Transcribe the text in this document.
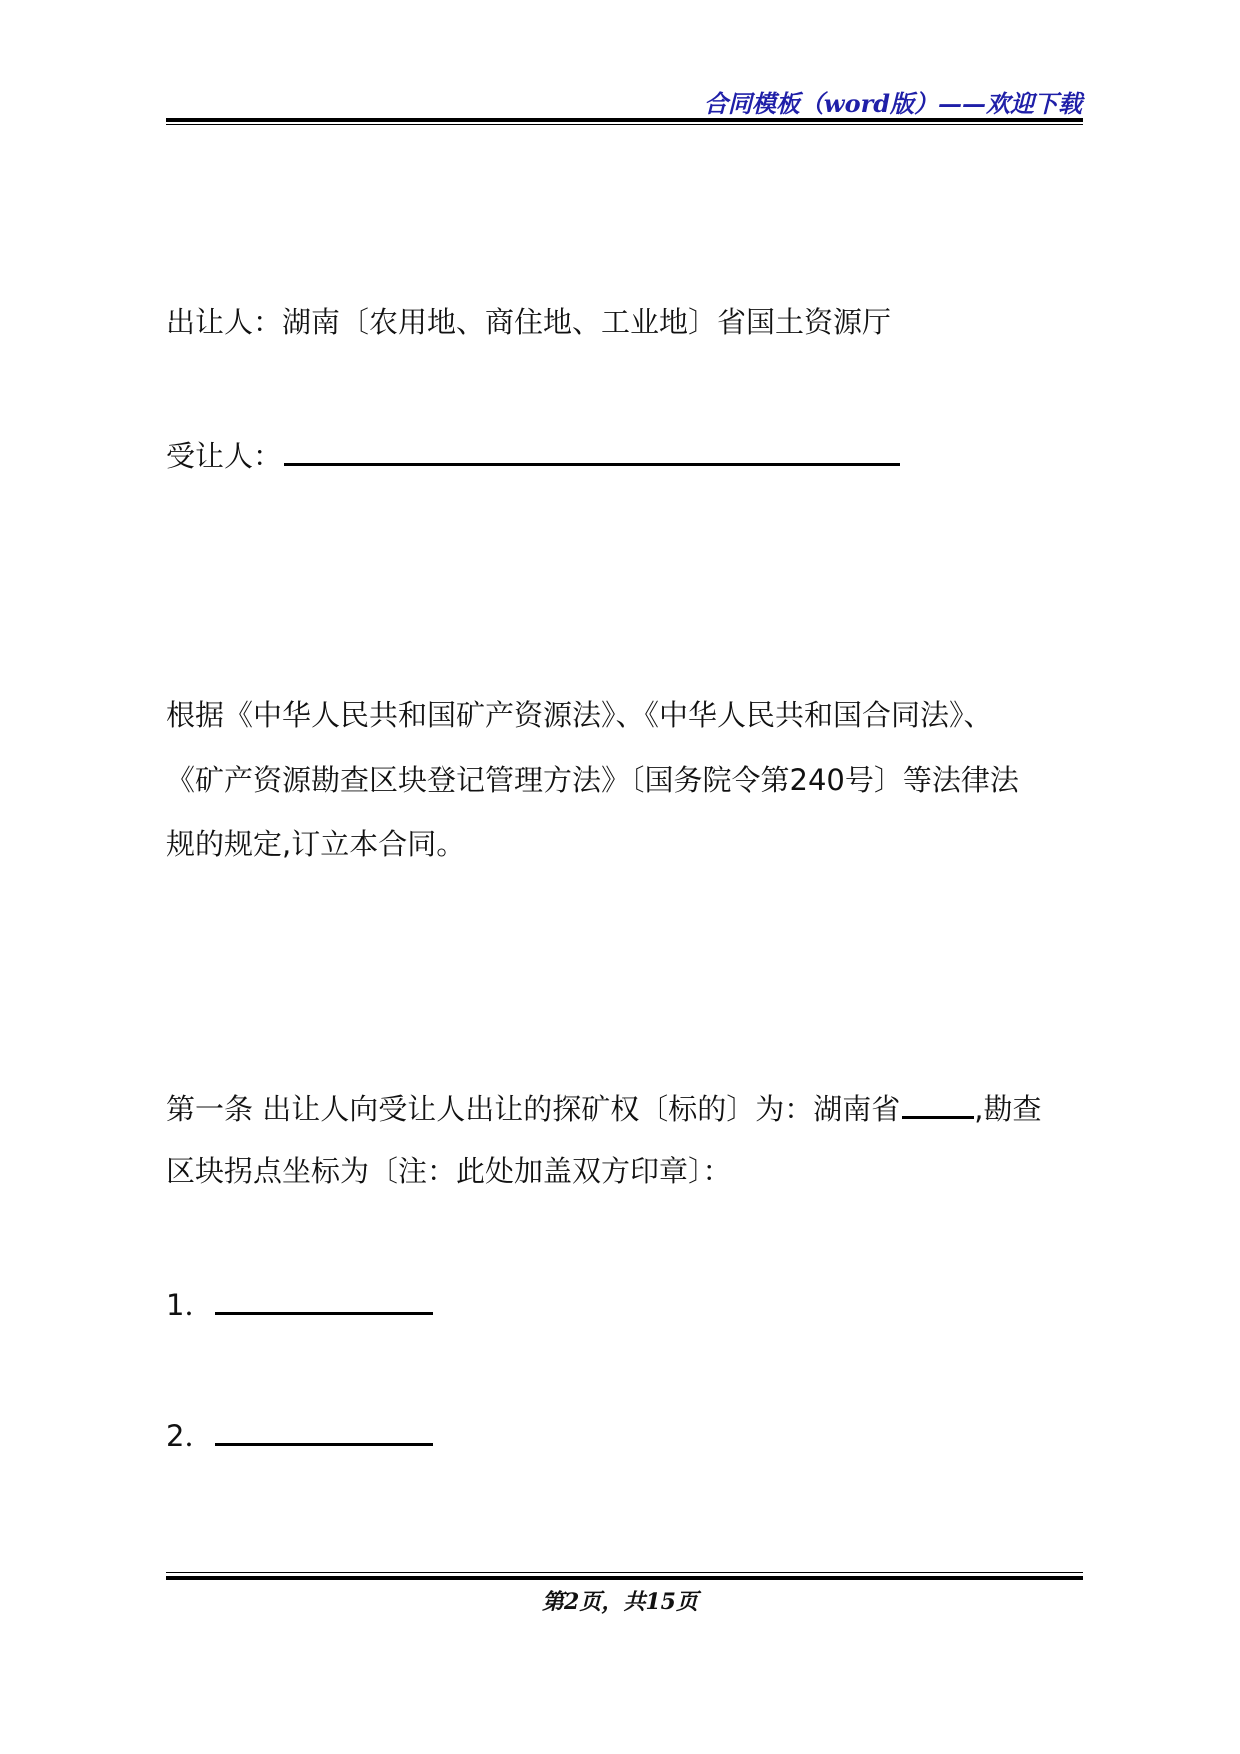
合同模板（word版）——欢迎下载
出让人：湖南〔农用地、商住地、工业地〕省国土资源厅
受让人：
根据《中华人民共和国矿产资源法》、《中华人民共和国合同法》、
《矿产资源勘查区块登记管理方法》〔国务院令第240号〕等法律法
规的规定,订立本合同。
第一条 出让人向受让人出让的探矿权〔标的〕为：湖南省	,勘查
区块拐点坐标为〔注：此处加盖双方印章〕：
1．
2．
第2页，共15页
